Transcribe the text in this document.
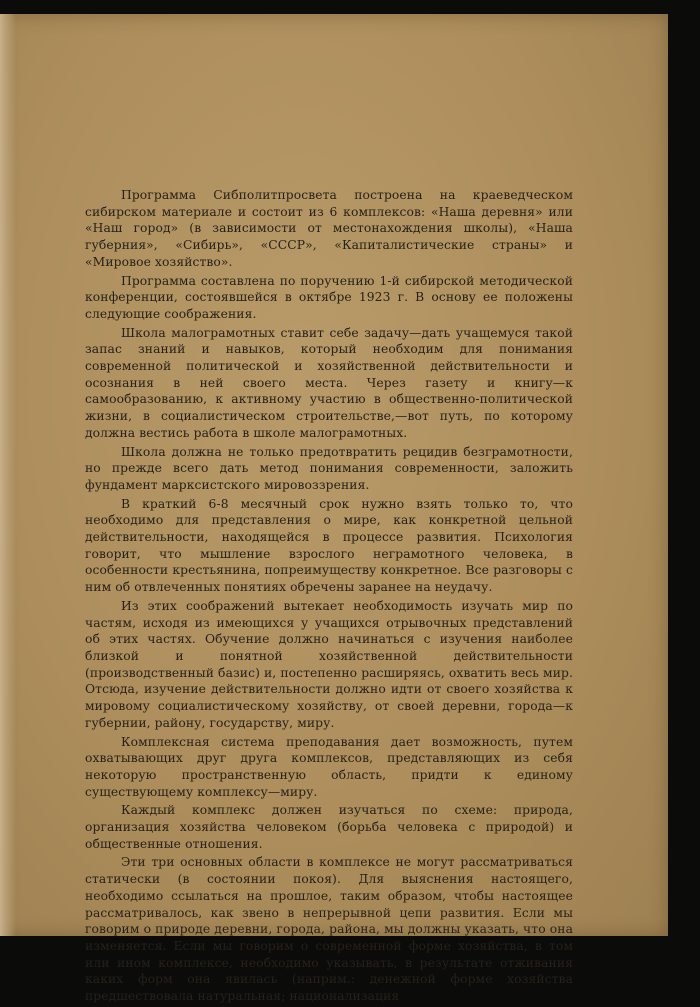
Программа Сибполитпросвета построена на краеведческом сибирском материале и состоит из 6 комплексов: «Наша деревня» или «Наш город» (в зависимости от местонахождения школы), «Наша губерния», «Сибирь», «СССР», «Капиталистические страны» и «Мировое хозяйство».

Программа составлена по поручению 1-й сибирской методической конференции, состоявшейся в октябре 1923 г. В основу ее положены следующие соображения.

Школа малограмотных ставит себе задачу—дать учащемуся такой запас знаний и навыков, который необходим для понимания современной политической и хозяйственной действительности и осознания в ней своего места. Через газету и книгу—к самообразованию, к активному участию в общественно-политической жизни, в социалистическом строительстве,—вот путь, по которому должна вестись работа в школе малограмотных.

Школа должна не только предотвратить рецидив безграмотности, но прежде всего дать метод понимания современности, заложить фундамент марксистского мировоззрения.

В краткий 6-8 месячный срок нужно взять только то, что необходимо для представления о мире, как конкретной цельной действительности, находящейся в процессе развития. Психология говорит, что мышление взрослого неграмотного человека, в особенности крестьянина, попреимуществу конкретное. Все разговоры с ним об отвлеченных понятиях обречены заранее на неудачу.

Из этих соображений вытекает необходимость изучать мир по частям, исходя из имеющихся у учащихся отрывочных представлений об этих частях. Обучение должно начинаться с изучения наиболее близкой и понятной хозяйственной действительности (производственный базис) и, постепенно расширяясь, охватить весь мир. Отсюда, изучение действительности должно идти от своего хозяйства к мировому социалистическому хозяйству, от своей деревни, города—к губернии, району, государству, миру.

Комплексная система преподавания дает возможность, путем охватывающих друг друга комплексов, представляющих из себя некоторую пространственную область, придти к единому существующему комплексу—миру.

Каждый комплекс должен изучаться по схеме: природа, организация хозяйства человеком (борьба человека с природой) и общественные отношения.

Эти три основных области в комплексе не могут рассматриваться статически (в состоянии покоя). Для выяснения настоящего, необходимо ссылаться на прошлое, таким образом, чтобы настоящее рассматривалось, как звено в непрерывной цепи развития. Если мы говорим о природе деревни, города, района, мы должны указать, что она изменяется. Если мы говорим о современной форме хозяйства, в том или ином комплексе, необходимо указывать, в результате отживания каких форм она явилась (наприм.: денежной форме хозяйства предшествовала натуральная; национализация
